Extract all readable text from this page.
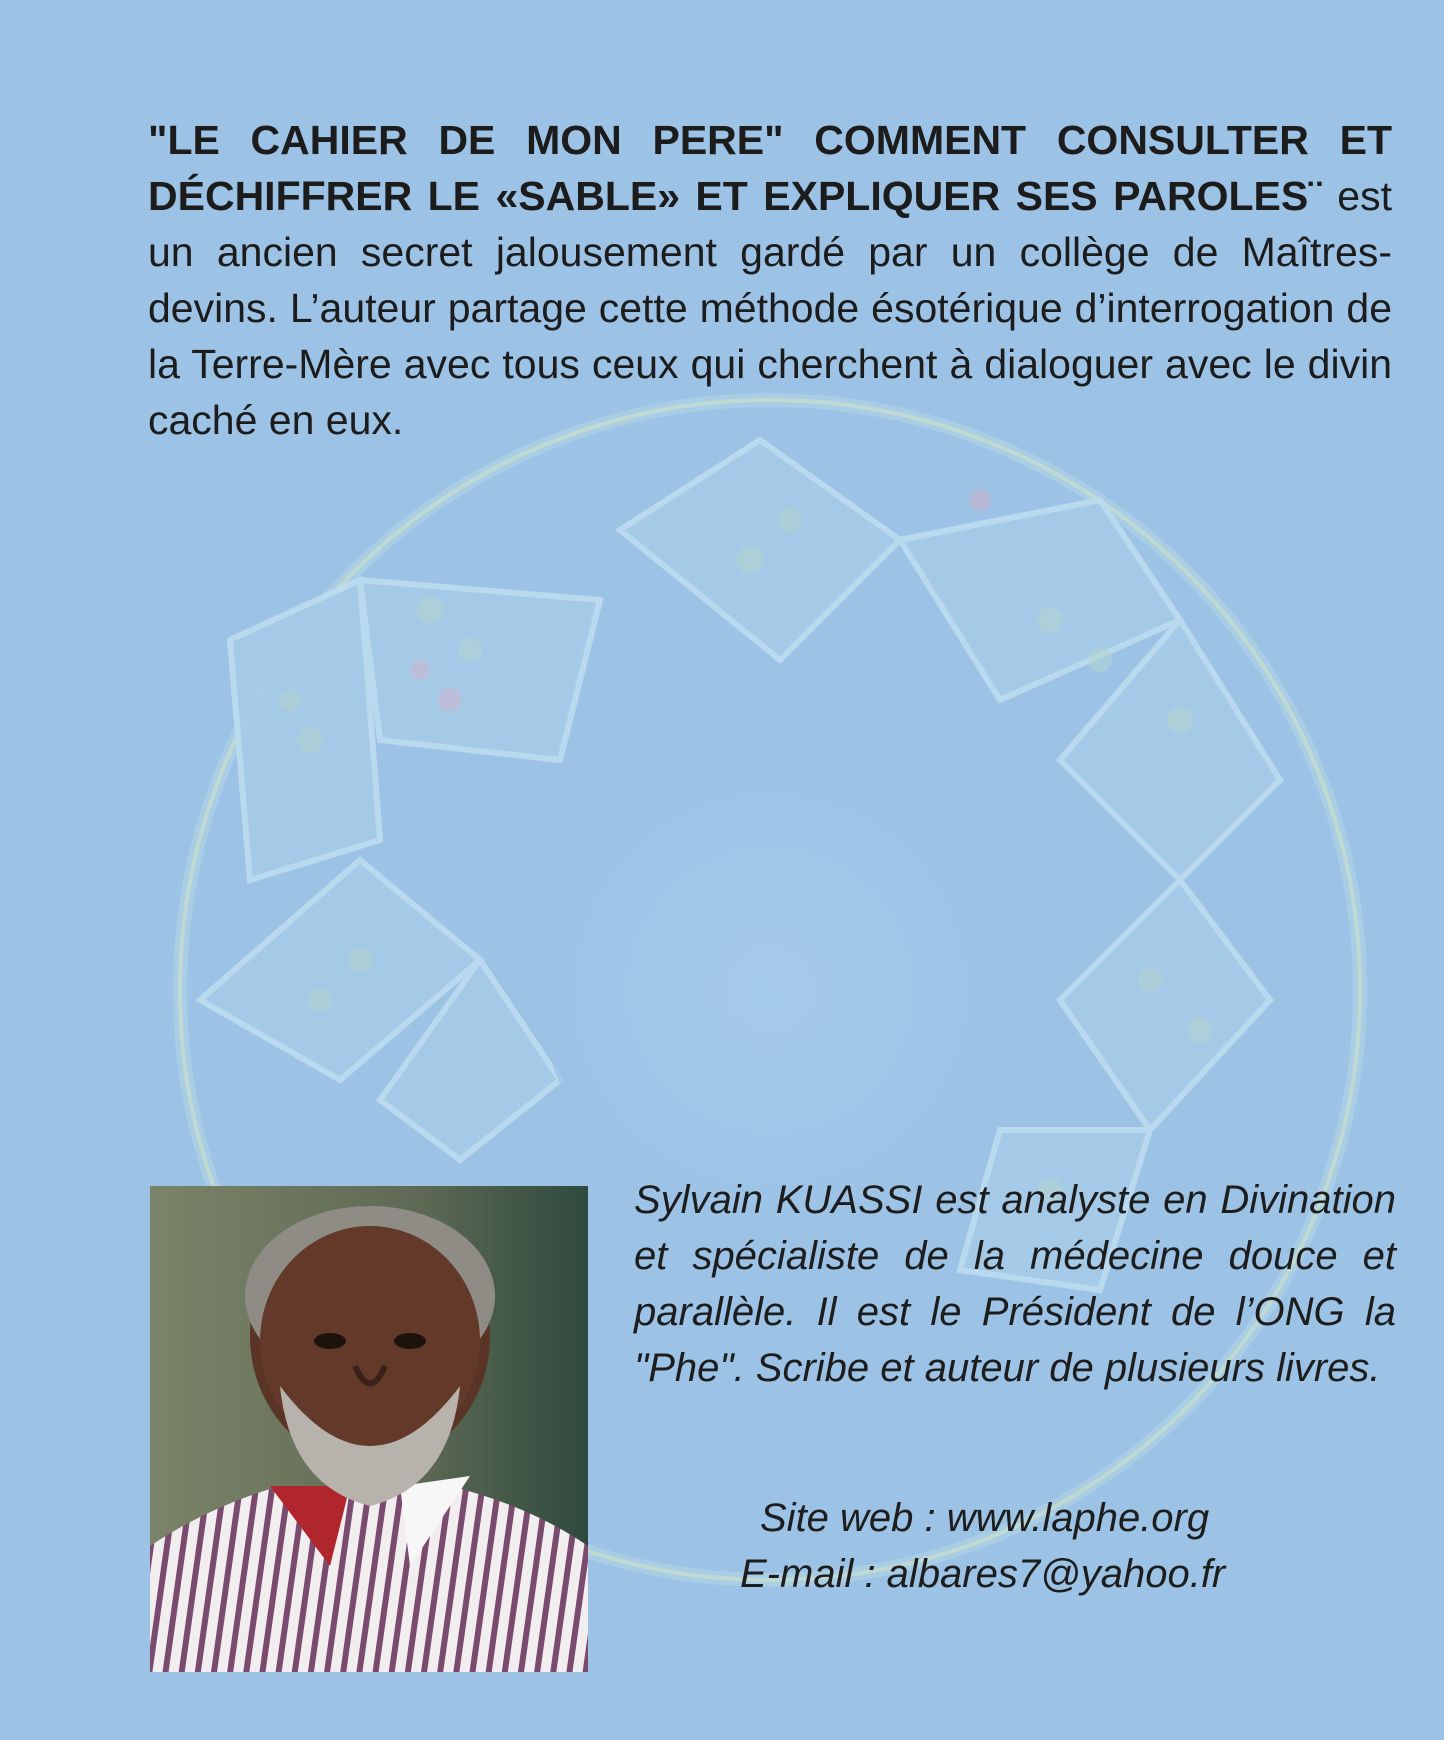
"LE CAHIER DE MON PERE" COMMENT CONSULTER ET DÉCHIFFRER LE «SABLE» ET EXPLIQUER SES PAROLES¨ est un ancien secret jalousement gardé par un collège de Maîtres-devins. L’auteur partage cette méthode ésotérique d’interrogation de la Terre-Mère avec tous ceux qui cherchent à dialoguer avec le divin caché en eux.
Sylvain KUASSI est analyste en Divination et spécialiste de la médecine douce et parallèle. Il est le Président de l’ONG la "Phe". Scribe et auteur de plusieurs livres.
Site web : www.laphe.org
E-mail : albares7@yahoo.fr
